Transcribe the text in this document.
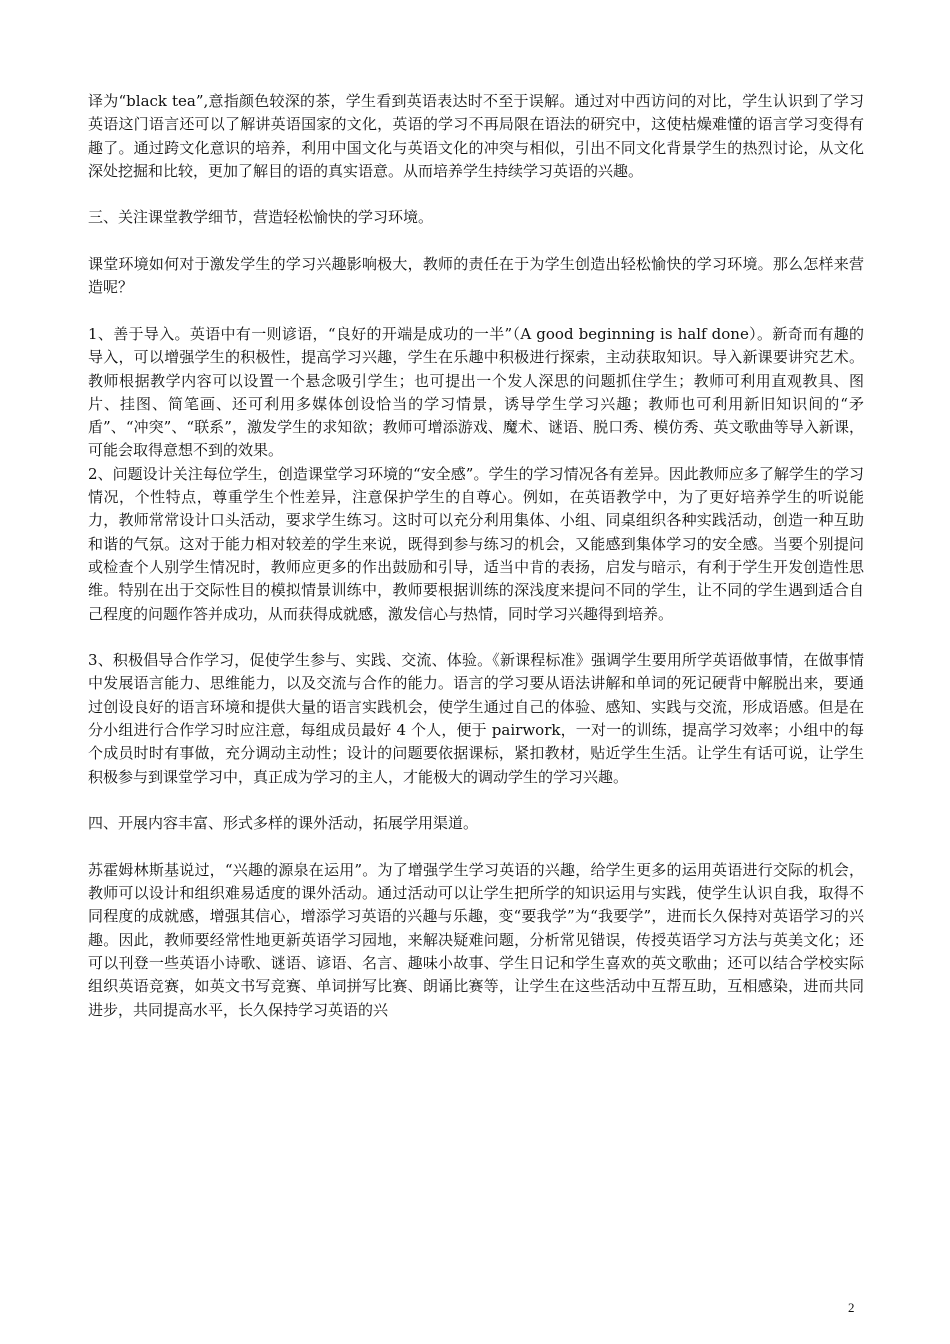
译为“black tea”,意指颜色较深的茶，学生看到英语表达时不至于误解。通过对中西访问的对比，学生认识到了学习英语这门语言还可以了解讲英语国家的文化，英语的学习不再局限在语法的研究中，这使枯燥难懂的语言学习变得有趣了。通过跨文化意识的培养，利用中国文化与英语文化的冲突与相似，引出不同文化背景学生的热烈讨论，从文化深处挖掘和比较，更加了解目的语的真实语意。从而培养学生持续学习英语的兴趣。

三、关注课堂教学细节，营造轻松愉快的学习环境。

课堂环境如何对于激发学生的学习兴趣影响极大，教师的责任在于为学生创造出轻松愉快的学习环境。那么怎样来营造呢？

1、善于导入。英语中有一则谚语，“良好的开端是成功的一半”（A good beginning is half done）。新奇而有趣的导入，可以增强学生的积极性，提高学习兴趣，学生在乐趣中积极进行探索，主动获取知识。导入新课要讲究艺术。教师根据教学内容可以设置一个悬念吸引学生；也可提出一个发人深思的问题抓住学生；教师可利用直观教具、图片、挂图、简笔画、还可利用多媒体创设恰当的学习情景，诱导学生学习兴趣；教师也可利用新旧知识间的“矛盾”、“冲突”、“联系”，激发学生的求知欲；教师可增添游戏、魔术、谜语、脱口秀、模仿秀、英文歌曲等导入新课，可能会取得意想不到的效果。

2、问题设计关注每位学生，创造课堂学习环境的“安全感”。学生的学习情况各有差异。因此教师应多了解学生的学习情况，个性特点，尊重学生个性差异，注意保护学生的自尊心。例如，在英语教学中，为了更好培养学生的听说能力，教师常常设计口头活动，要求学生练习。这时可以充分利用集体、小组、同桌组织各种实践活动，创造一种互助和谐的气氛。这对于能力相对较差的学生来说，既得到参与练习的机会，又能感到集体学习的安全感。当要个别提问或检查个人别学生情况时，教师应更多的作出鼓励和引导，适当中肯的表扬，启发与暗示，有利于学生开发创造性思维。特别在出于交际性目的模拟情景训练中，教师要根据训练的深浅度来提问不同的学生，让不同的学生遇到适合自己程度的问题作答并成功，从而获得成就感，激发信心与热情，同时学习兴趣得到培养。

3、积极倡导合作学习，促使学生参与、实践、交流、体验。《新课程标准》强调学生要用所学英语做事情，在做事情中发展语言能力、思维能力，以及交流与合作的能力。语言的学习要从语法讲解和单词的死记硬背中解脱出来，要通过创设良好的语言环境和提供大量的语言实践机会，使学生通过自己的体验、感知、实践与交流，形成语感。但是在分小组进行合作学习时应注意，每组成员最好 4 个人，便于 pairwork，一对一的训练，提高学习效率；小组中的每个成员时时有事做，充分调动主动性；设计的问题要依据课标，紧扣教材，贴近学生生活。让学生有话可说，让学生积极参与到课堂学习中，真正成为学习的主人，才能极大的调动学生的学习兴趣。

四、开展内容丰富、形式多样的课外活动，拓展学用渠道。

苏霍姆林斯基说过，“兴趣的源泉在运用”。为了增强学生学习英语的兴趣，给学生更多的运用英语进行交际的机会，教师可以设计和组织难易适度的课外活动。通过活动可以让学生把所学的知识运用与实践，使学生认识自我，取得不同程度的成就感，增强其信心，增添学习英语的兴趣与乐趣，变“要我学”为“我要学”，进而长久保持对英语学习的兴趣。因此，教师要经常性地更新英语学习园地，来解决疑难问题，分析常见错误，传授英语学习方法与英美文化；还可以刊登一些英语小诗歌、谜语、谚语、名言、趣味小故事、学生日记和学生喜欢的英文歌曲；还可以结合学校实际组织英语竞赛，如英文书写竞赛、单词拼写比赛、朗诵比赛等，让学生在这些活动中互帮互助，互相感染，进而共同进步，共同提高水平，长久保持学习英语的兴

2
